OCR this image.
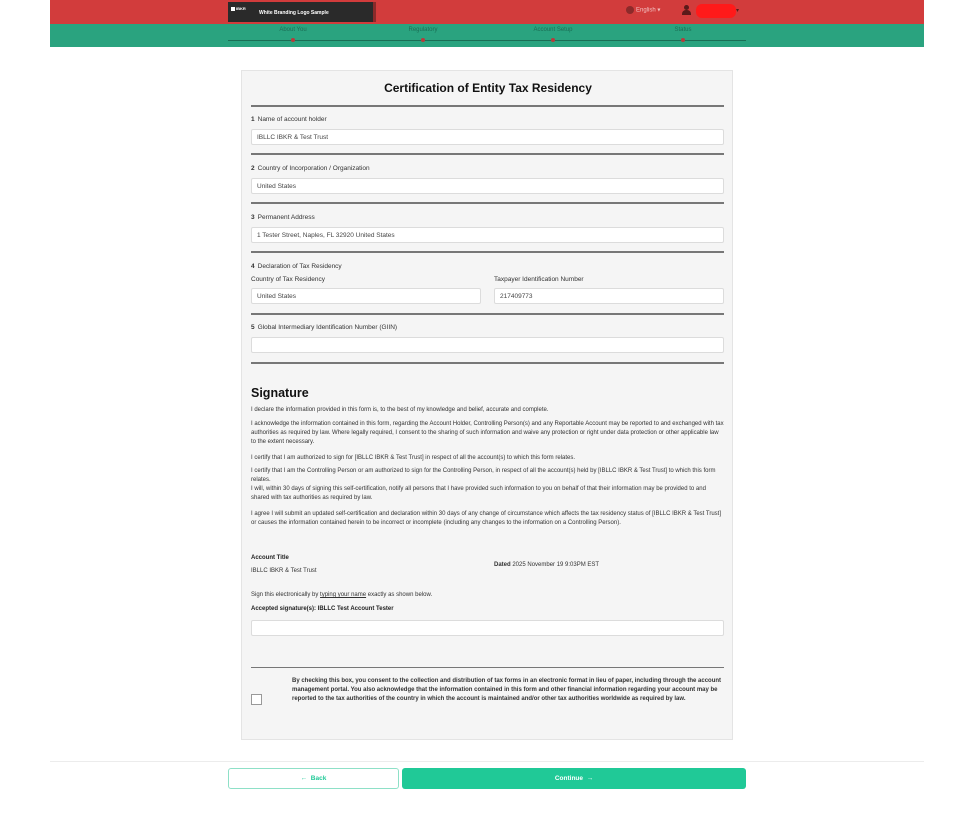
IBKR
White Branding Logo Sample	English ▾	▾
About You	Regulatory	Account Setup	Status
Certification of Entity Tax Residency
1 Name of account holder
IBLLC IBKR & Test Trust
2 Country of Incorporation / Organization
United States
3 Permanent Address
1 Tester Street, Naples, FL 32920 United States
4 Declaration of Tax Residency
Country of Tax Residency	Taxpayer Identification Number
United States	217409773
5 Global Intermediary Identification Number (GIIN)
Signature
I declare the information provided in this form is, to the best of my knowledge and belief, accurate and complete.
I acknowledge the information contained in this form, regarding the Account Holder, Controlling Person(s) and any Reportable Account may be reported to and exchanged with tax authorities as required by law. Where legally required, I consent to the sharing of such information and waive any protection or right under data protection or other applicable law to the extent necessary.
I certify that I am authorized to sign for [IBLLC IBKR & Test Trust] in respect of all the account(s) to which this form relates.
I certify that I am the Controlling Person or am authorized to sign for the Controlling Person, in respect of all the account(s) held by [IBLLC IBKR & Test Trust] to which this form relates.
I will, within 30 days of signing this self-certification, notify all persons that I have provided such information to you on behalf of that their information may be provided to and shared with tax authorities as required by law.
I agree I will submit an updated self-certification and declaration within 30 days of any change of circumstance which affects the tax residency status of [IBLLC IBKR & Test Trust] or causes the information contained herein to be incorrect or incomplete (including any changes to the information on a Controlling Person).
Account Title
IBLLC IBKR & Test Trust
Dated 2025 November 19 9:03PM EST
Sign this electronically by typing your name exactly as shown below.
Accepted signature(s): IBLLC Test Account Tester
By checking this box, you consent to the collection and distribution of tax forms in an electronic format in lieu of paper, including through the account management portal. You also acknowledge that the information contained in this form and other financial information regarding your account may be reported to the tax authorities of the country in which the account is maintained and/or other tax authorities worldwide as required by law.
← Back	Continue →
